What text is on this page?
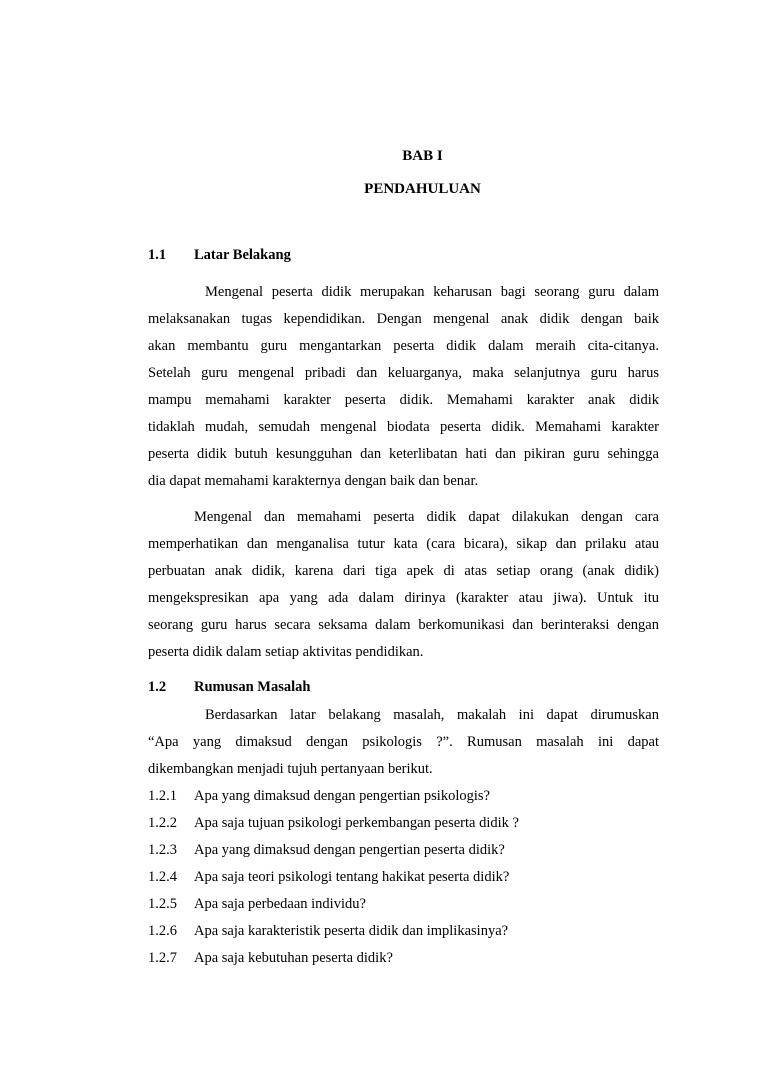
BAB I
PENDAHULUAN
1.1 Latar Belakang
Mengenal peserta didik merupakan keharusan bagi seorang guru dalam
melaksanakan tugas kependidikan. Dengan mengenal anak didik dengan baik
akan membantu guru mengantarkan peserta didik dalam meraih cita-citanya.
Setelah guru mengenal pribadi dan keluarganya, maka selanjutnya guru harus
mampu memahami karakter peserta didik. Memahami karakter anak didik
tidaklah mudah, semudah mengenal biodata peserta didik. Memahami karakter
peserta didik butuh kesungguhan dan keterlibatan hati dan pikiran guru sehingga
dia dapat memahami karakternya dengan baik dan benar.
Mengenal dan memahami peserta didik dapat dilakukan dengan cara
memperhatikan dan menganalisa tutur kata (cara bicara), sikap dan prilaku atau
perbuatan anak didik, karena dari tiga apek di atas setiap orang (anak didik)
mengekspresikan apa yang ada dalam dirinya (karakter atau jiwa). Untuk itu
seorang guru harus secara seksama dalam berkomunikasi dan berinteraksi dengan
peserta didik dalam setiap aktivitas pendidikan.
1.2 Rumusan Masalah
Berdasarkan latar belakang masalah, makalah ini dapat dirumuskan
“Apa yang dimaksud dengan psikologis ?”. Rumusan masalah ini dapat
dikembangkan menjadi tujuh pertanyaan berikut.
1.2.1 Apa yang dimaksud dengan pengertian psikologis?
1.2.2 Apa saja tujuan psikologi perkembangan peserta didik ?
1.2.3 Apa yang dimaksud dengan pengertian peserta didik?
1.2.4 Apa saja teori psikologi tentang hakikat peserta didik?
1.2.5 Apa saja perbedaan individu?
1.2.6 Apa saja karakteristik peserta didik dan implikasinya?
1.2.7 Apa saja kebutuhan peserta didik?
